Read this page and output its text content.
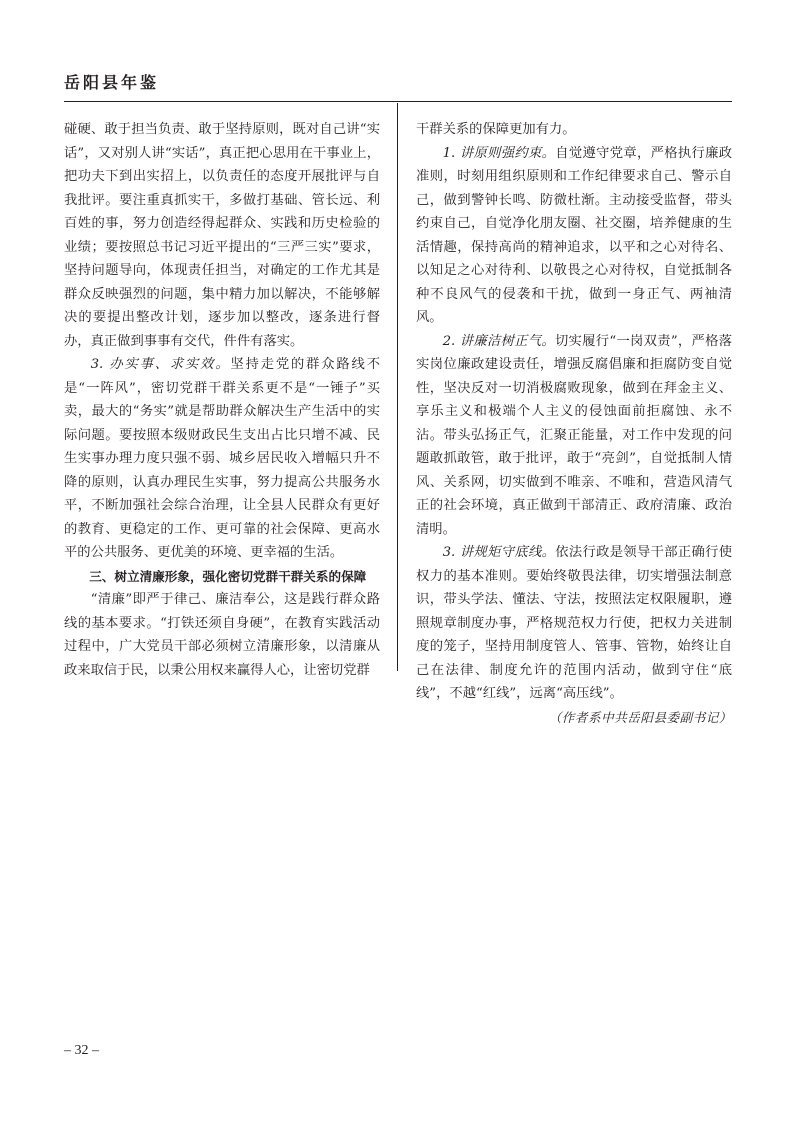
岳阳县年鉴

碰硬、敢于担当负责、敢于坚持原则，既对自己讲“实话”，又对别人讲“实话”，真正把心思用在干事业上，把功夫下到出实招上，以负责任的态度开展批评与自我批评。要注重真抓实干，多做打基础、管长远、利百姓的事，努力创造经得起群众、实践和历史检验的业绩；要按照总书记习近平提出的“三严三实”要求，坚持问题导向，体现责任担当，对确定的工作尤其是群众反映强烈的问题，集中精力加以解决，不能够解决的要提出整改计划，逐步加以整改，逐条进行督办，真正做到事事有交代，件件有落实。

3. 办实事、求实效。坚持走党的群众路线不是“一阵风”，密切党群干群关系更不是“一锤子”买卖，最大的“务实”就是帮助群众解决生产生活中的实际问题。要按照本级财政民生支出占比只增不减、民生实事办理力度只强不弱、城乡居民收入增幅只升不降的原则，认真办理民生实事，努力提高公共服务水平，不断加强社会综合治理，让全县人民群众有更好的教育、更稳定的工作、更可靠的社会保障、更高水平的公共服务、更优美的环境、更幸福的生活。

三、树立清廉形象，强化密切党群干群关系的保障

“清廉”即严于律己、廉洁奉公，这是践行群众路线的基本要求。“打铁还须自身硬”，在教育实践活动过程中，广大党员干部必须树立清廉形象，以清廉从政来取信于民，以秉公用权来赢得人心，让密切党群

干群关系的保障更加有力。

1. 讲原则强约束。自觉遵守党章，严格执行廉政准则，时刻用组织原则和工作纪律要求自己、警示自己，做到警钟长鸣、防微杜渐。主动接受监督，带头约束自己，自觉净化朋友圈、社交圈，培养健康的生活情趣，保持高尚的精神追求，以平和之心对待名、以知足之心对待利、以敬畏之心对待权，自觉抵制各种不良风气的侵袭和干扰，做到一身正气、两袖清风。

2. 讲廉洁树正气。切实履行“一岗双责”，严格落实岗位廉政建设责任，增强反腐倡廉和拒腐防变自觉性，坚决反对一切消极腐败现象，做到在拜金主义、享乐主义和极端个人主义的侵蚀面前拒腐蚀、永不沾。带头弘扬正气，汇聚正能量，对工作中发现的问题敢抓敢管，敢于批评，敢于“亮剑”，自觉抵制人情风、关系网，切实做到不唯亲、不唯和，营造风清气正的社会环境，真正做到干部清正、政府清廉、政治清明。

3. 讲规矩守底线。依法行政是领导干部正确行使权力的基本准则。要始终敬畏法律，切实增强法制意识，带头学法、懂法、守法，按照法定权限履职，遵照规章制度办事，严格规范权力行使，把权力关进制度的笼子，坚持用制度管人、管事、管物，始终让自己在法律、制度允许的范围内活动，做到守住“底线”，不越“红线”，远离“高压线”。

（作者系中共岳阳县委副书记）

– 32 –
